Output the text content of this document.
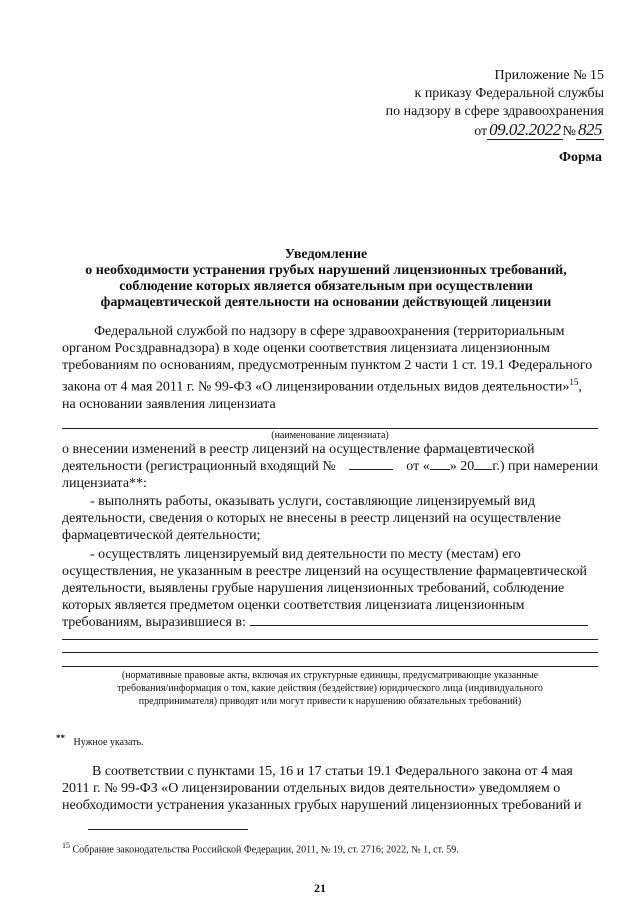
Приложение № 15
к приказу Федеральной службы
по надзору в сфере здравоохранения
от 09.02.2022 № 825
Форма
Уведомление
о необходимости устранения грубых нарушений лицензионных требований,
соблюдение которых является обязательным при осуществлении
фармацевтической деятельности на основании действующей лицензии
Федеральной службой по надзору в сфере здравоохранения (территориальным
органом Росздравнадзора) в ходе оценки соответствия лицензиата лицензионным
требованиям по основаниям, предусмотренным пунктом 2 части 1 ст. 19.1 Федерального
закона от 4 мая 2011 г. № 99-ФЗ «О лицензировании отдельных видов деятельности»$^{15}$,
на основании заявления лицензиата
(наименование лицензиата)
о внесении изменений в реестр лицензий на осуществление фармацевтической
деятельности (регистрационный входящий №	от « » 20 г.) при намерении
лицензиата**:
- выполнять работы, оказывать услуги, составляющие лицензируемый вид
деятельности, сведения о которых не внесены в реестр лицензий на осуществление
фармацевтической деятельности;
- осуществлять лицензируемый вид деятельности по месту (местам) его
осуществления, не указанным в реестре лицензий на осуществление фармацевтической
деятельности, выявлены грубые нарушения лицензионных требований, соблюдение
которых является предметом оценки соответствия лицензиата лицензионным
требованиям, выразившиеся в:
(нормативные правовые акты, включая их структурные единицы, предусматривающие указанные
требования/информация о том, какие действия (бездействие) юридического лица (индивидуального
предпринимателя) приводят или могут привести к нарушению обязательных требований)
** Нужное указать.
В соответствии с пунктами 15, 16 и 17 статьи 19.1 Федерального закона от 4 мая
2011 г. № 99-ФЗ «О лицензировании отдельных видов деятельности» уведомляем о
необходимости устранения указанных грубых нарушений лицензионных требований и
$^{15}$ Собрание законодательства Российской Федерации, 2011, № 19, ст. 2716; 2022, № 1, ст. 59.
21
